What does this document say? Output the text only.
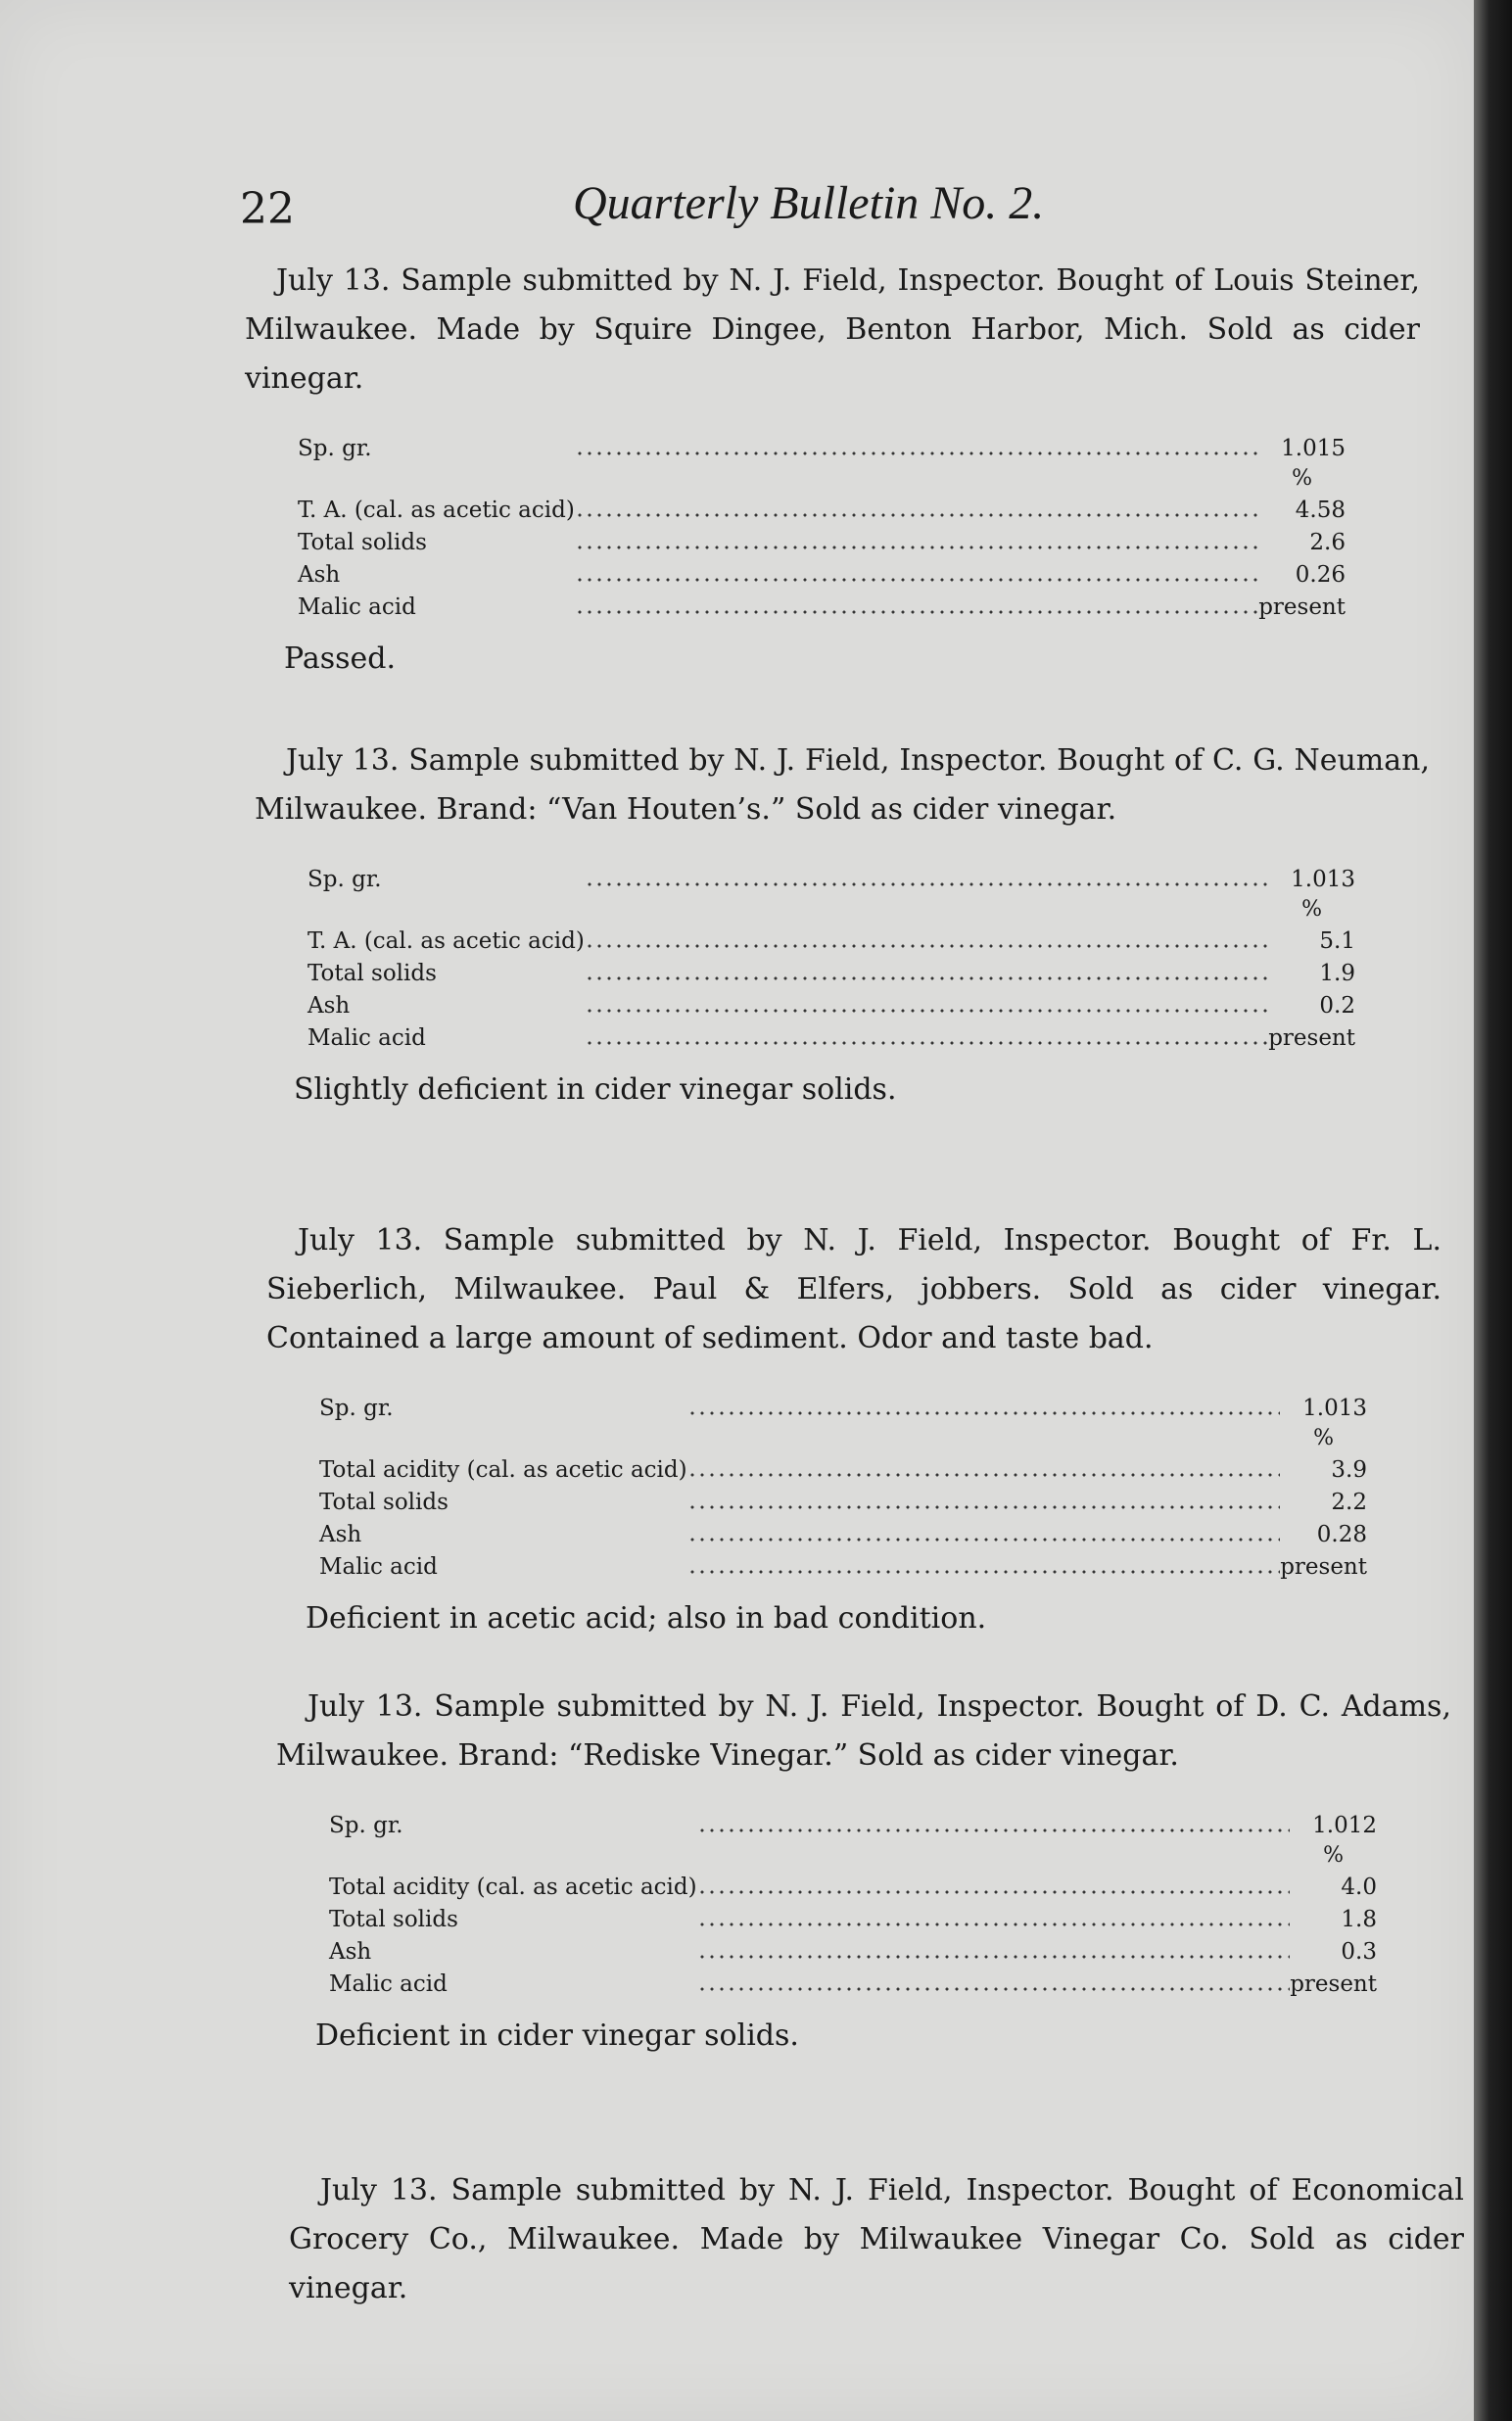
22	Quarterly Bulletin No. 2.

July 13. Sample submitted by N. J. Field, Inspector. Bought of Louis Steiner, Milwaukee. Made by Squire Dingee, Benton Harbor, Mich. Sold as cider vinegar.

Sp. gr.		1.015
		%
T. A. (cal. as acetic acid)		4.58
Total solids		2.6
Ash		0.26
Malic acid		present
Passed.

July 13. Sample submitted by N. J. Field, Inspector. Bought of C. G. Neuman, Milwaukee. Brand: “Van Houten’s.” Sold as cider vinegar.

Sp. gr.		1.013
		%
T. A. (cal. as acetic acid)		5.1
Total solids		1.9
Ash		0.2
Malic acid		present
Slightly deficient in cider vinegar solids.

July 13. Sample submitted by N. J. Field, Inspector. Bought of Fr. L. Sieberlich, Milwaukee. Paul & Elfers, jobbers. Sold as cider vinegar. Contained a large amount of sediment. Odor and taste bad.

Sp. gr.		1.013
		%
Total acidity (cal. as acetic acid)		3.9
Total solids		2.2
Ash		0.28
Malic acid		present
Deficient in acetic acid; also in bad condition.

July 13. Sample submitted by N. J. Field, Inspector. Bought of D. C. Adams, Milwaukee. Brand: “Rediske Vinegar.” Sold as cider vinegar.

Sp. gr.		1.012
		%
Total acidity (cal. as acetic acid)		4.0
Total solids		1.8
Ash		0.3
Malic acid		present
Deficient in cider vinegar solids.

July 13. Sample submitted by N. J. Field, Inspector. Bought of Economical Grocery Co., Milwaukee. Made by Milwaukee Vinegar Co. Sold as cider vinegar.
